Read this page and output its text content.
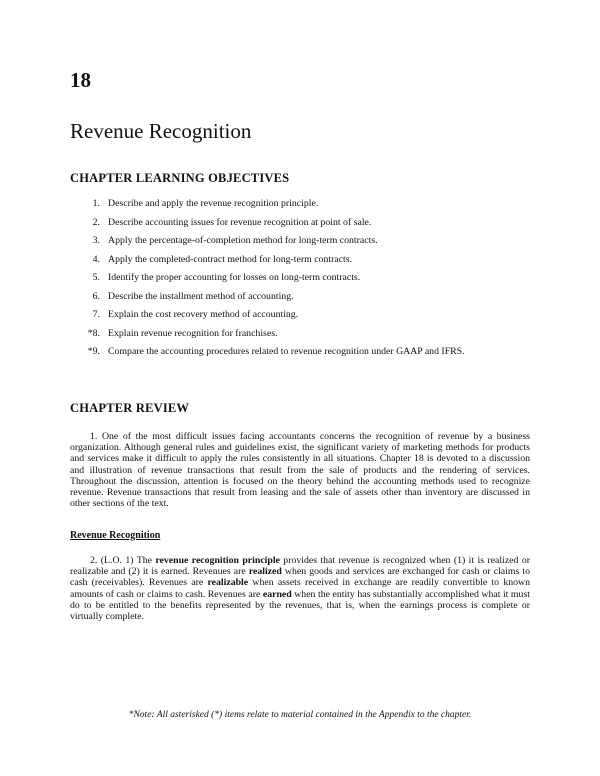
18
Revenue Recognition
CHAPTER LEARNING OBJECTIVES
1. Describe and apply the revenue recognition principle.
2. Describe accounting issues for revenue recognition at point of sale.
3. Apply the percentage-of-completion method for long-term contracts.
4. Apply the completed-contract method for long-term contracts.
5. Identify the proper accounting for losses on long-term contracts.
6. Describe the installment method of accounting.
7. Explain the cost recovery method of accounting.
*8. Explain revenue recognition for franchises.
*9. Compare the accounting procedures related to revenue recognition under GAAP and IFRS.
CHAPTER REVIEW

1. One of the most difficult issues facing accountants concerns the recognition of revenue by a business organization. Although general rules and guidelines exist, the significant variety of marketing methods for products and services make it difficult to apply the rules consistently in all situations. Chapter 18 is devoted to a discussion and illustration of revenue transactions that result from the sale of products and the rendering of services. Throughout the discussion, attention is focused on the theory behind the accounting methods used to recognize revenue. Revenue transactions that result from leasing and the sale of assets other than inventory are discussed in other sections of the text.

Revenue Recognition

2. (L.O. 1) The revenue recognition principle provides that revenue is recognized when (1) it is realized or realizable and (2) it is earned. Revenues are realized when goods and services are exchanged for cash or claims to cash (receivables). Revenues are realizable when assets received in exchange are readily convertible to known amounts of cash or claims to cash. Revenues are earned when the entity has substantially accomplished what it must do to be entitled to the benefits represented by the revenues, that is, when the earnings process is complete or virtually complete.

*Note: All asterisked (*) items relate to material contained in the Appendix to the chapter.
